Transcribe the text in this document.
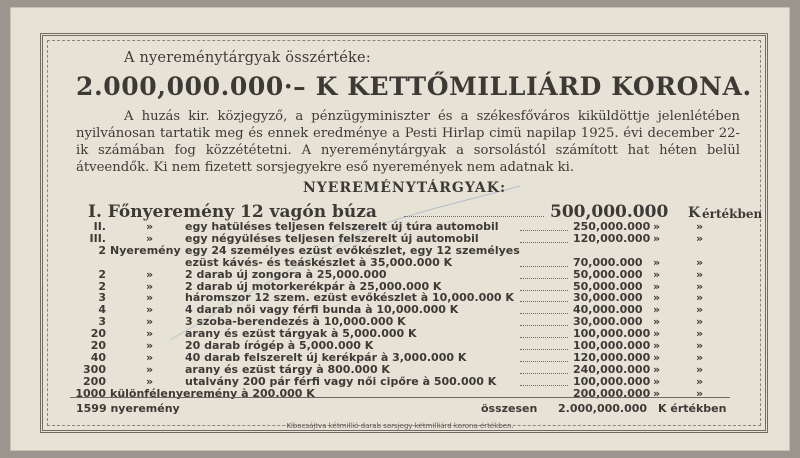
A nyereménytárgyak összértéke:
2.000,000.000·– K KETTŐMILLIÁRD KORONA.
A huzás kir. közjegyző, a pénzügyminiszter és a székesfőváros kiküldöttje jelenlétében nyilvánosan tartatik meg és ennek eredménye a Pesti Hirlap cimü napilap 1925. évi december 22-ik számában fog közzététetni. A nyereménytárgyak a sorsolástól számított hat héten belül átveendők. Ki nem fizetett sorsjegyekre eső nyeremények nem adatnak ki.
NYEREMÉNYTÁRGYAK:
I. Főnyeremény 12 vagón búza	500,000.000 K értékben
II.	»	egy hatüléses teljesen felszerelt új túra automobil	250,000.000 »	»
III.	»	egy négyüléses teljesen felszerelt új automobil	120,000.000 »	»
2 Nyeremény egy 24 személyes ezüst evőkészlet, egy 12 személyes
ezüst kávés- és teáskészlet à 35,000.000 K	70,000.000 »	»
2	»	2 darab új zongora à 25,000.000	50,000.000 »	»
2	»	2 darab új motorkerékpár à 25,000.000 K	50,000.000 »	»
3	»	háromszor 12 szem. ezüst evőkészlet à 10,000.000 K	30,000.000 »	»
4	»	4 darab női vagy férfi bunda à 10,000.000 K	40,000.000 »	»
3	»	3 szoba-berendezés à 10,000.000 K	30,000.000 »	»
20	»	arany és ezüst tárgyak à 5,000.000 K	100,000.000 »	»
20	»	20 darab írógép à 5,000.000 K	100,000.000 »	»
40	»	40 darab felszerelt új kerékpár à 3,000.000 K	120,000.000 »	»
300	»	arany és ezüst tárgy à 800.000 K	240,000.000 »	»
200	»	utalvány 200 pár férfi vagy női cipőre à 500.000 K	100,000.000 »	»
1000 különféle nyeremény à 200.000 K	200,000.000 »	»
1599 nyeremény	összesen 2.000,000.000 K értékben
Kibocsájtva kétmillió darab sorsjegy kétmilliárd korona értékben.
